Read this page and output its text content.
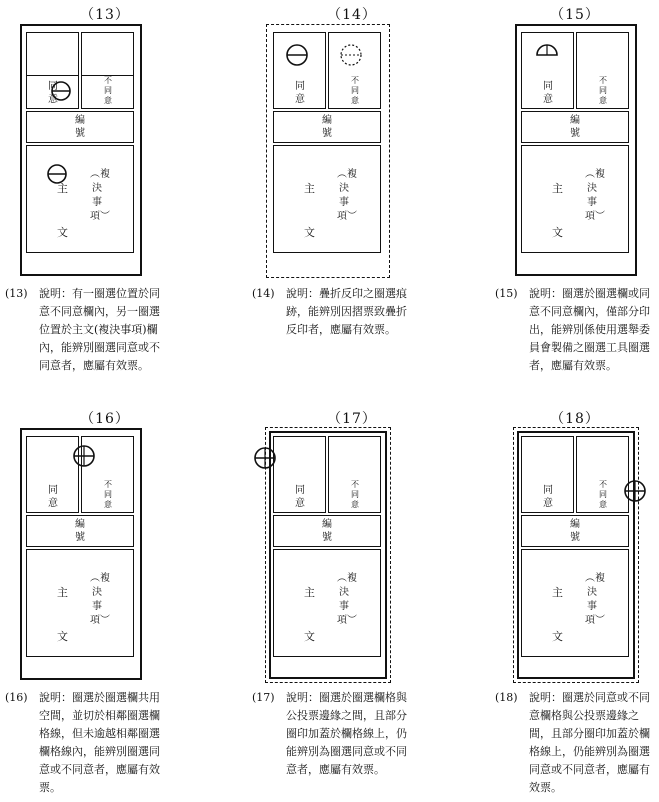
（13）
同意
不同意
編號
主
文
︵複決事項︶
(13) 說明：有一圈選位置於同意不同意欄內，另一圈選位置於主文(複決事項)欄內，能辨別圈選同意或不同意者，應屬有效票。
（14）
同意
不同意
編號
主
文
︵複決事項︶
(14) 說明：疊折反印之圈選痕跡，能辨別因摺票致疊折反印者，應屬有效票。
（15）
同意
不同意
編號
主
文
︵複決事項︶
(15) 說明：圈選於圈選欄或同意不同意欄內，僅部分印出，能辨別係使用選舉委員會製備之圈選工具圈選者，應屬有效票。
（16）
同意
不同意
編號
主
文
︵複決事項︶
(16) 說明：圈選於圈選欄共用空間，並切於相鄰圈選欄格線，但未逾越相鄰圈選欄格線內，能辨別圈選同意或不同意者，應屬有效票。
（17）
同意
不同意
編號
主
文
︵複決事項︶
(17) 說明：圈選於圈選欄格與公投票邊緣之間，且部分圈印加蓋於欄格線上，仍能辨別為圈選同意或不同意者，應屬有效票。
（18）
同意
不同意
編號
主
文
︵複決事項︶
(18) 說明：圈選於同意或不同意欄格與公投票邊緣之間，且部分圈印加蓋於欄格線上，仍能辨別為圈選同意或不同意者，應屬有效票。
